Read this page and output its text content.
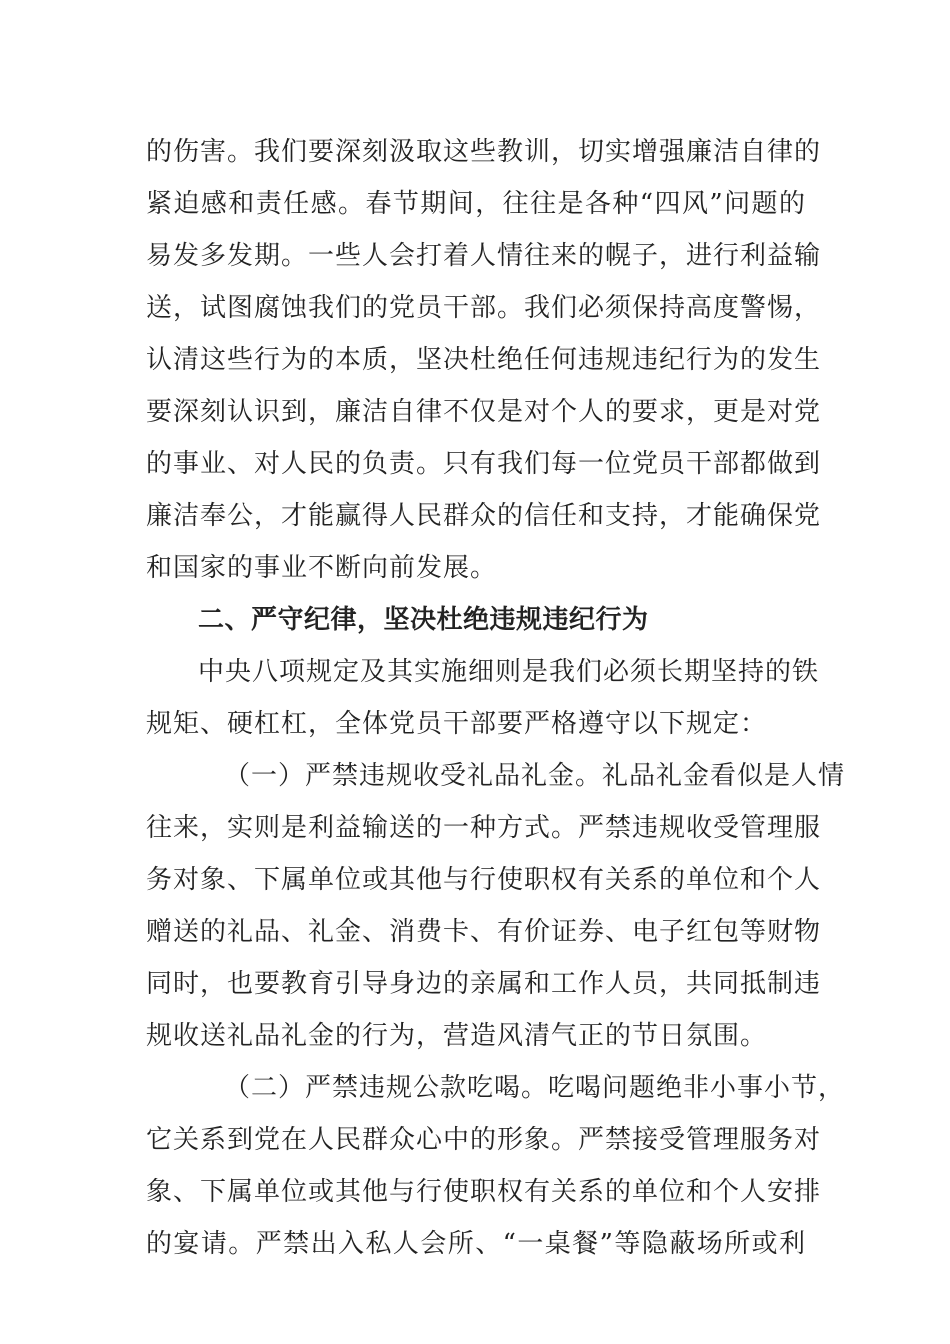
的伤害。我们要深刻汲取这些教训，切实增强廉洁自律的
紧迫感和责任感。春节期间，往往是各种“四风”问题的
易发多发期。一些人会打着人情往来的幌子，进行利益输
送，试图腐蚀我们的党员干部。我们必须保持高度警惕，
认清这些行为的本质，坚决杜绝任何违规违纪行为的发生
要深刻认识到，廉洁自律不仅是对个人的要求，更是对党
的事业、对人民的负责。只有我们每一位党员干部都做到
廉洁奉公，才能赢得人民群众的信任和支持，才能确保党
和国家的事业不断向前发展。
二、严守纪律，坚决杜绝违规违纪行为
中央八项规定及其实施细则是我们必须长期坚持的铁
规矩、硬杠杠，全体党员干部要严格遵守以下规定：
（一）严禁违规收受礼品礼金。礼品礼金看似是人情
往来，实则是利益输送的一种方式。严禁违规收受管理服
务对象、下属单位或其他与行使职权有关系的单位和个人
赠送的礼品、礼金、消费卡、有价证券、电子红包等财物
同时，也要教育引导身边的亲属和工作人员，共同抵制违
规收送礼品礼金的行为，营造风清气正的节日氛围。
（二）严禁违规公款吃喝。吃喝问题绝非小事小节，
它关系到党在人民群众心中的形象。严禁接受管理服务对
象、下属单位或其他与行使职权有关系的单位和个人安排
的宴请。严禁出入私人会所、“一桌餐”等隐蔽场所或利
